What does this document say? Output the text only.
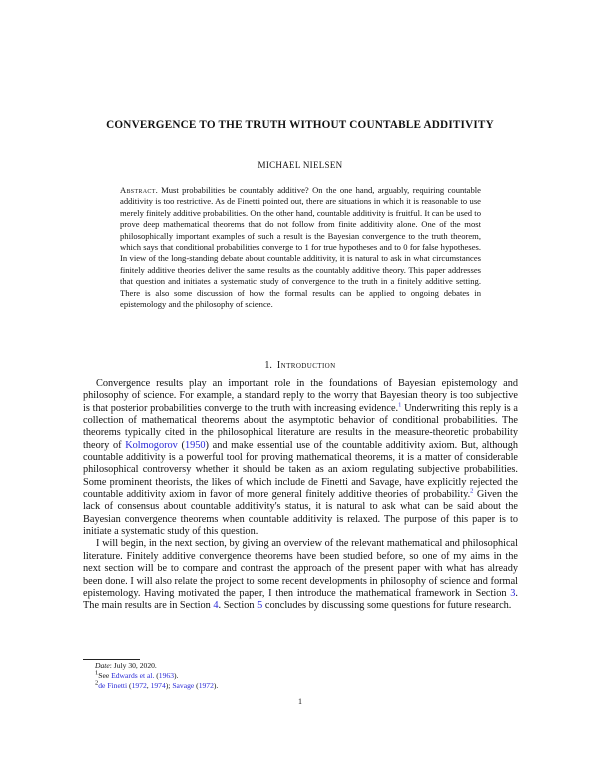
CONVERGENCE TO THE TRUTH WITHOUT COUNTABLE ADDITIVITY
MICHAEL NIELSEN
Abstract. Must probabilities be countably additive? On the one hand, arguably, requiring countable additivity is too restrictive. As de Finetti pointed out, there are situations in which it is reasonable to use merely finitely additive probabilities. On the other hand, countable additivity is fruitful. It can be used to prove deep mathematical theorems that do not follow from finite additivity alone. One of the most philosophically important examples of such a result is the Bayesian convergence to the truth theorem, which says that conditional probabilities converge to 1 for true hypotheses and to 0 for false hypotheses. In view of the long-standing debate about countable additivity, it is natural to ask in what circumstances finitely additive theories deliver the same results as the countably additive theory. This paper addresses that question and initiates a systematic study of convergence to the truth in a finitely additive setting. There is also some discussion of how the formal results can be applied to ongoing debates in epistemology and the philosophy of science.
1. Introduction

Convergence results play an important role in the foundations of Bayesian epistemology and philosophy of science. For example, a standard reply to the worry that Bayesian theory is too subjective is that posterior probabilities converge to the truth with increasing evidence.$^1$ Underwriting this reply is a collection of mathematical theorems about the asymptotic behavior of conditional probabilities. The theorems typically cited in the philosophical literature are results in the measure-theoretic probability theory of Kolmogorov (1950) and make essential use of the countable additivity axiom. But, although countable additivity is a powerful tool for proving mathematical theorems, it is a matter of considerable philosophical controversy whether it should be taken as an axiom regulating subjective probabilities. Some prominent theorists, the likes of which include de Finetti and Savage, have explicitly rejected the countable additivity axiom in favor of more general finitely additive theories of probability.$^2$ Given the lack of consensus about countable additivity's status, it is natural to ask what can be said about the Bayesian convergence theorems when countable additivity is relaxed. The purpose of this paper is to initiate a systematic study of this question.

I will begin, in the next section, by giving an overview of the relevant mathematical and philosophical literature. Finitely additive convergence theorems have been studied before, so one of my aims in the next section will be to compare and contrast the approach of the present paper with what has already been done. I will also relate the project to some recent developments in philosophy of science and formal epistemology. Having motivated the paper, I then introduce the mathematical framework in Section 3. The main results are in Section 4. Section 5 concludes by discussing some questions for future research.

Date: July 30, 2020.
$^1$See Edwards et al. (1963).
$^2$de Finetti (1972, 1974); Savage (1972).
1
